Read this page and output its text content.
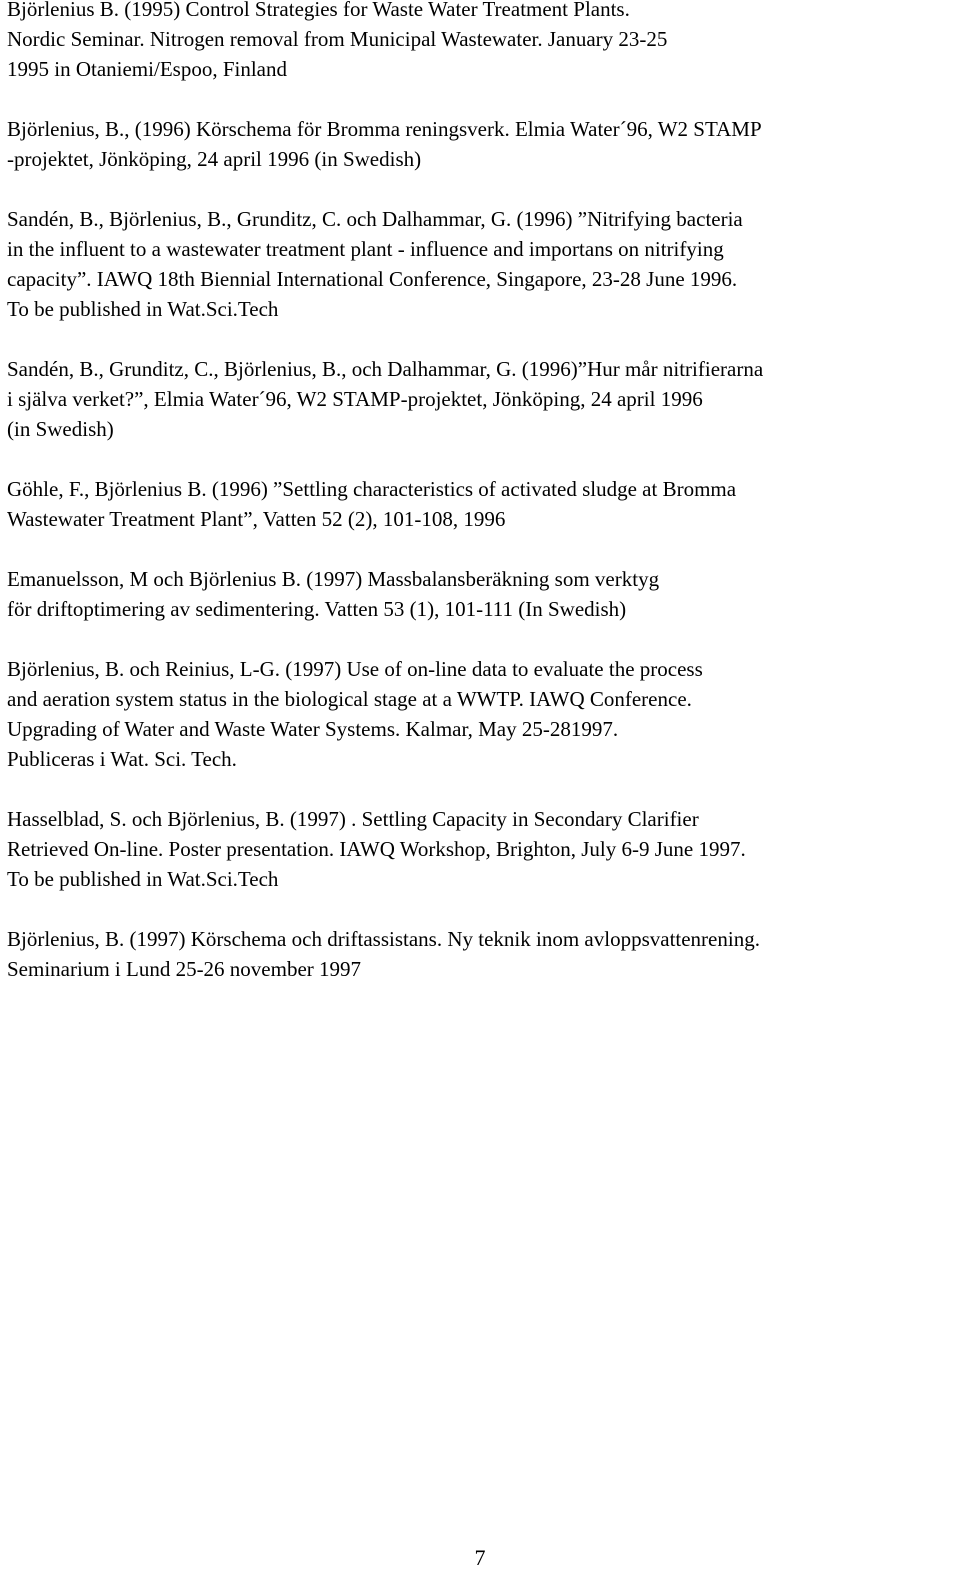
Björlenius B. (1995) Control Strategies for Waste Water Treatment Plants.
Nordic Seminar. Nitrogen removal from Municipal Wastewater. January 23-25
1995 in Otaniemi/Espoo, Finland
Björlenius, B., (1996) Körschema för Bromma reningsverk. Elmia Water´96, W2 STAMP
-projektet, Jönköping, 24 april 1996 (in Swedish)
Sandén, B., Björlenius, B., Grunditz, C. och Dalhammar, G. (1996) ”Nitrifying bacteria
in the influent to a wastewater treatment plant - influence and importans on nitrifying
capacity”. IAWQ 18th Biennial International Conference, Singapore, 23-28 June 1996.
To be published in Wat.Sci.Tech
Sandén, B., Grunditz, C., Björlenius, B., och Dalhammar, G. (1996)”Hur mår nitrifierarna
i själva verket?”, Elmia Water´96, W2 STAMP-projektet, Jönköping, 24 april 1996
(in Swedish)
Göhle, F., Björlenius B. (1996) ”Settling characteristics of activated sludge at Bromma
Wastewater Treatment Plant”, Vatten 52 (2), 101-108, 1996
Emanuelsson, M och Björlenius B. (1997) Massbalansberäkning som verktyg
för driftoptimering av sedimentering. Vatten 53 (1), 101-111 (In Swedish)
Björlenius, B. och Reinius, L-G. (1997) Use of on-line data to evaluate the process
and aeration system status in the biological stage at a WWTP. IAWQ Conference.
Upgrading of Water and Waste Water Systems. Kalmar, May 25-281997.
Publiceras i Wat. Sci. Tech.
Hasselblad, S. och Björlenius, B. (1997) . Settling Capacity in Secondary Clarifier
Retrieved On-line. Poster presentation. IAWQ Workshop, Brighton, July 6-9 June 1997.
To be published in Wat.Sci.Tech
Björlenius, B. (1997) Körschema och driftassistans. Ny teknik inom avloppsvattenrening.
Seminarium i Lund 25-26 november 1997
7
